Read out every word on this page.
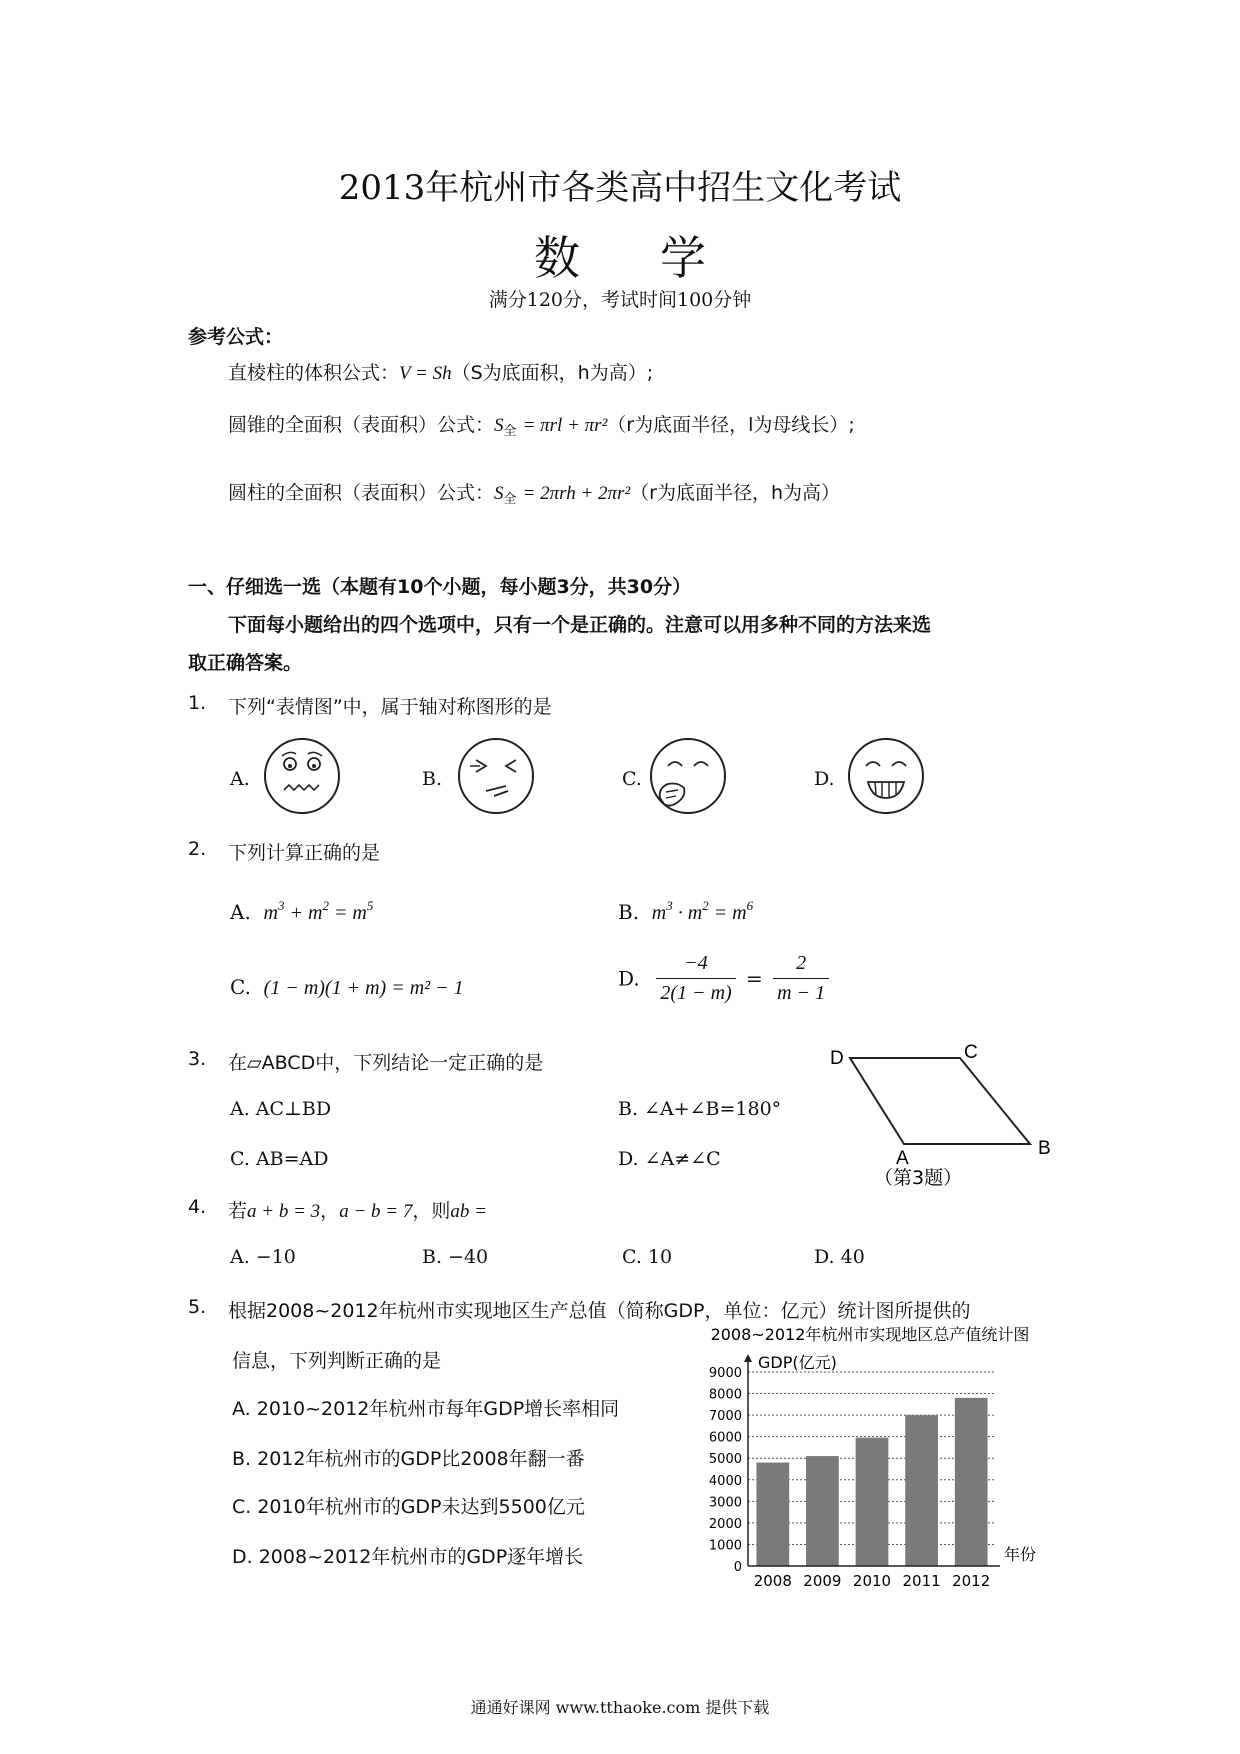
2013年杭州市各类高中招生文化考试
数 学
满分120分，考试时间100分钟
参考公式：
直棱柱的体积公式：V = Sh（S为底面积，h为高）;
圆锥的全面积（表面积）公式：$S_全 = \pi rl + \pi r^2(r$为底面半径，l为母线长）;
圆柱的全面积（表面积）公式：$S_全 = 2\pi rh + 2\pi r^2(r$为底面半径，h为高）
一、仔细选一选（本题有10个小题，每小题3分，共30分）
下面每小题给出的四个选项中，只有一个是正确的。注意可以用多种不同的方法来选
取正确答案。
1. 下列“表情图”中，属于轴对称图形的是
A.	B.	C.	D.
2. 下列计算正确的是
A. $m^3 + m^2 = m^5$	B. $m^3 \cdot m^2 = m^6$
C. (1 − m)(1 + m) = m² − 1	D. $\frac{-4}{2(1 - m)} = \frac{2}{m - 1}$
3. 在▱ABCD中，下列结论一定正确的是
A. AC⊥BD	B. ∠A+∠B=180°
C. AB=AD	D. ∠A≠∠C
D	C
A	B
（第3题）
4. 若a + b = 3，a − b = 7，则ab =
A. −10	B. −40	C. 10	D. 40
5. 根据2008~2012年杭州市实现地区生产总值（简称GDP，单位：亿元）统计图所提供的
信息，下列判断正确的是
A. 2010~2012年杭州市每年GDP增长率相同
B. 2012年杭州市的GDP比2008年翻一番
C. 2010年杭州市的GDP未达到5500亿元
D. 2008~2012年杭州市的GDP逐年增长
2008~2012年杭州市实现地区总产值统计图
GDP(亿元)
年份
0
1000
2000
3000
4000
5000
6000
7000
8000
9000
2008 2009 2010 2011 2012
通通好课网 www.tthaoke.com 提供下载
